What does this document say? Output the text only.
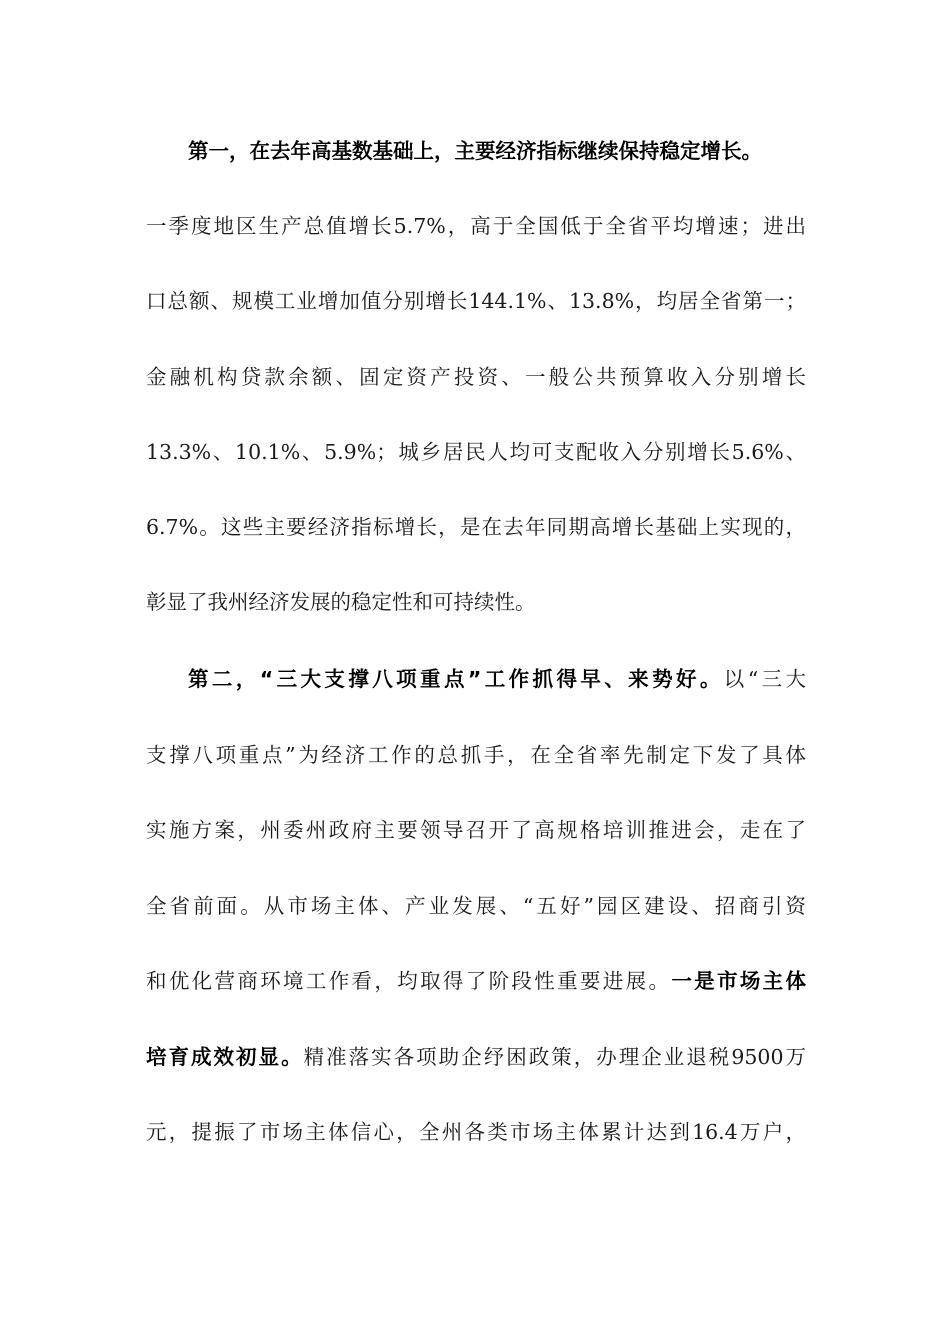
第一，在去年高基数基础上，主要经济指标继续保持稳定增长。
一季度地区生产总值增长5.7%，高于全国低于全省平均增速；进出
口总额、规模工业增加值分别增长144.1%、13.8%，均居全省第一；
金融机构贷款余额、固定资产投资、一般公共预算收入分别增长
13.3%、10.1%、5.9%；城乡居民人均可支配收入分别增长5.6%、
6.7%。这些主要经济指标增长，是在去年同期高增长基础上实现的，
彰显了我州经济发展的稳定性和可持续性。
第二，“三大支撑八项重点”工作抓得早、来势好。以“三大
支撑八项重点”为经济工作的总抓手，在全省率先制定下发了具体
实施方案，州委州政府主要领导召开了高规格培训推进会，走在了
全省前面。从市场主体、产业发展、“五好”园区建设、招商引资
和优化营商环境工作看，均取得了阶段性重要进展。一是市场主体
培育成效初显。精准落实各项助企纾困政策，办理企业退税9500万
元，提振了市场主体信心，全州各类市场主体累计达到16.4万户，
